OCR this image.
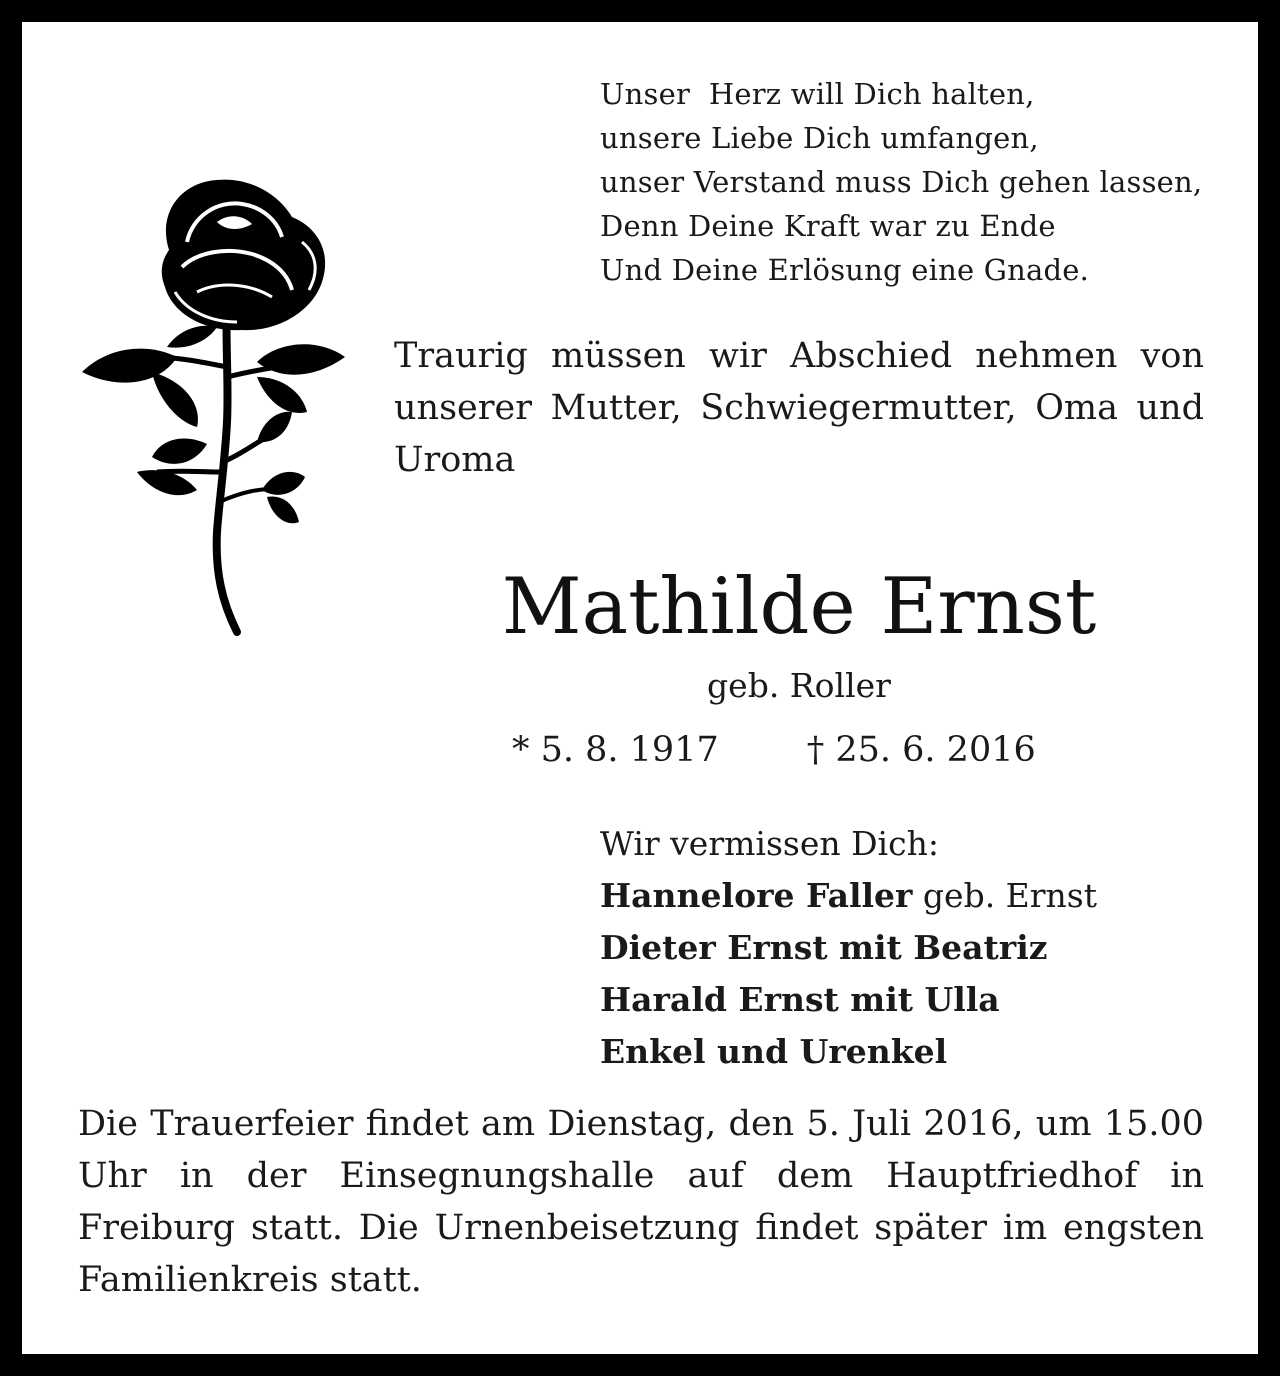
Unser  Herz will Dich halten,
unsere Liebe Dich umfangen,
unser Verstand muss Dich gehen lassen,
Denn Deine Kraft war zu Ende
Und Deine Erlösung eine Gnade.
Traurig müssen wir Abschied nehmen von unserer Mutter, Schwiegermutter, Oma und Uroma
Mathilde Ernst
geb. Roller
* 5. 8. 1917	† 25. 6. 2016
Wir vermissen Dich:
Hannelore Faller geb. Ernst
Dieter Ernst mit Beatriz
Harald Ernst mit Ulla
Enkel und Urenkel
Die Trauerfeier findet am Dienstag, den 5. Juli 2016, um 15.00 Uhr in der Einsegnungshalle auf dem Hauptfriedhof in Freiburg statt. Die Urnenbeisetzung findet später im engsten Familienkreis statt.
